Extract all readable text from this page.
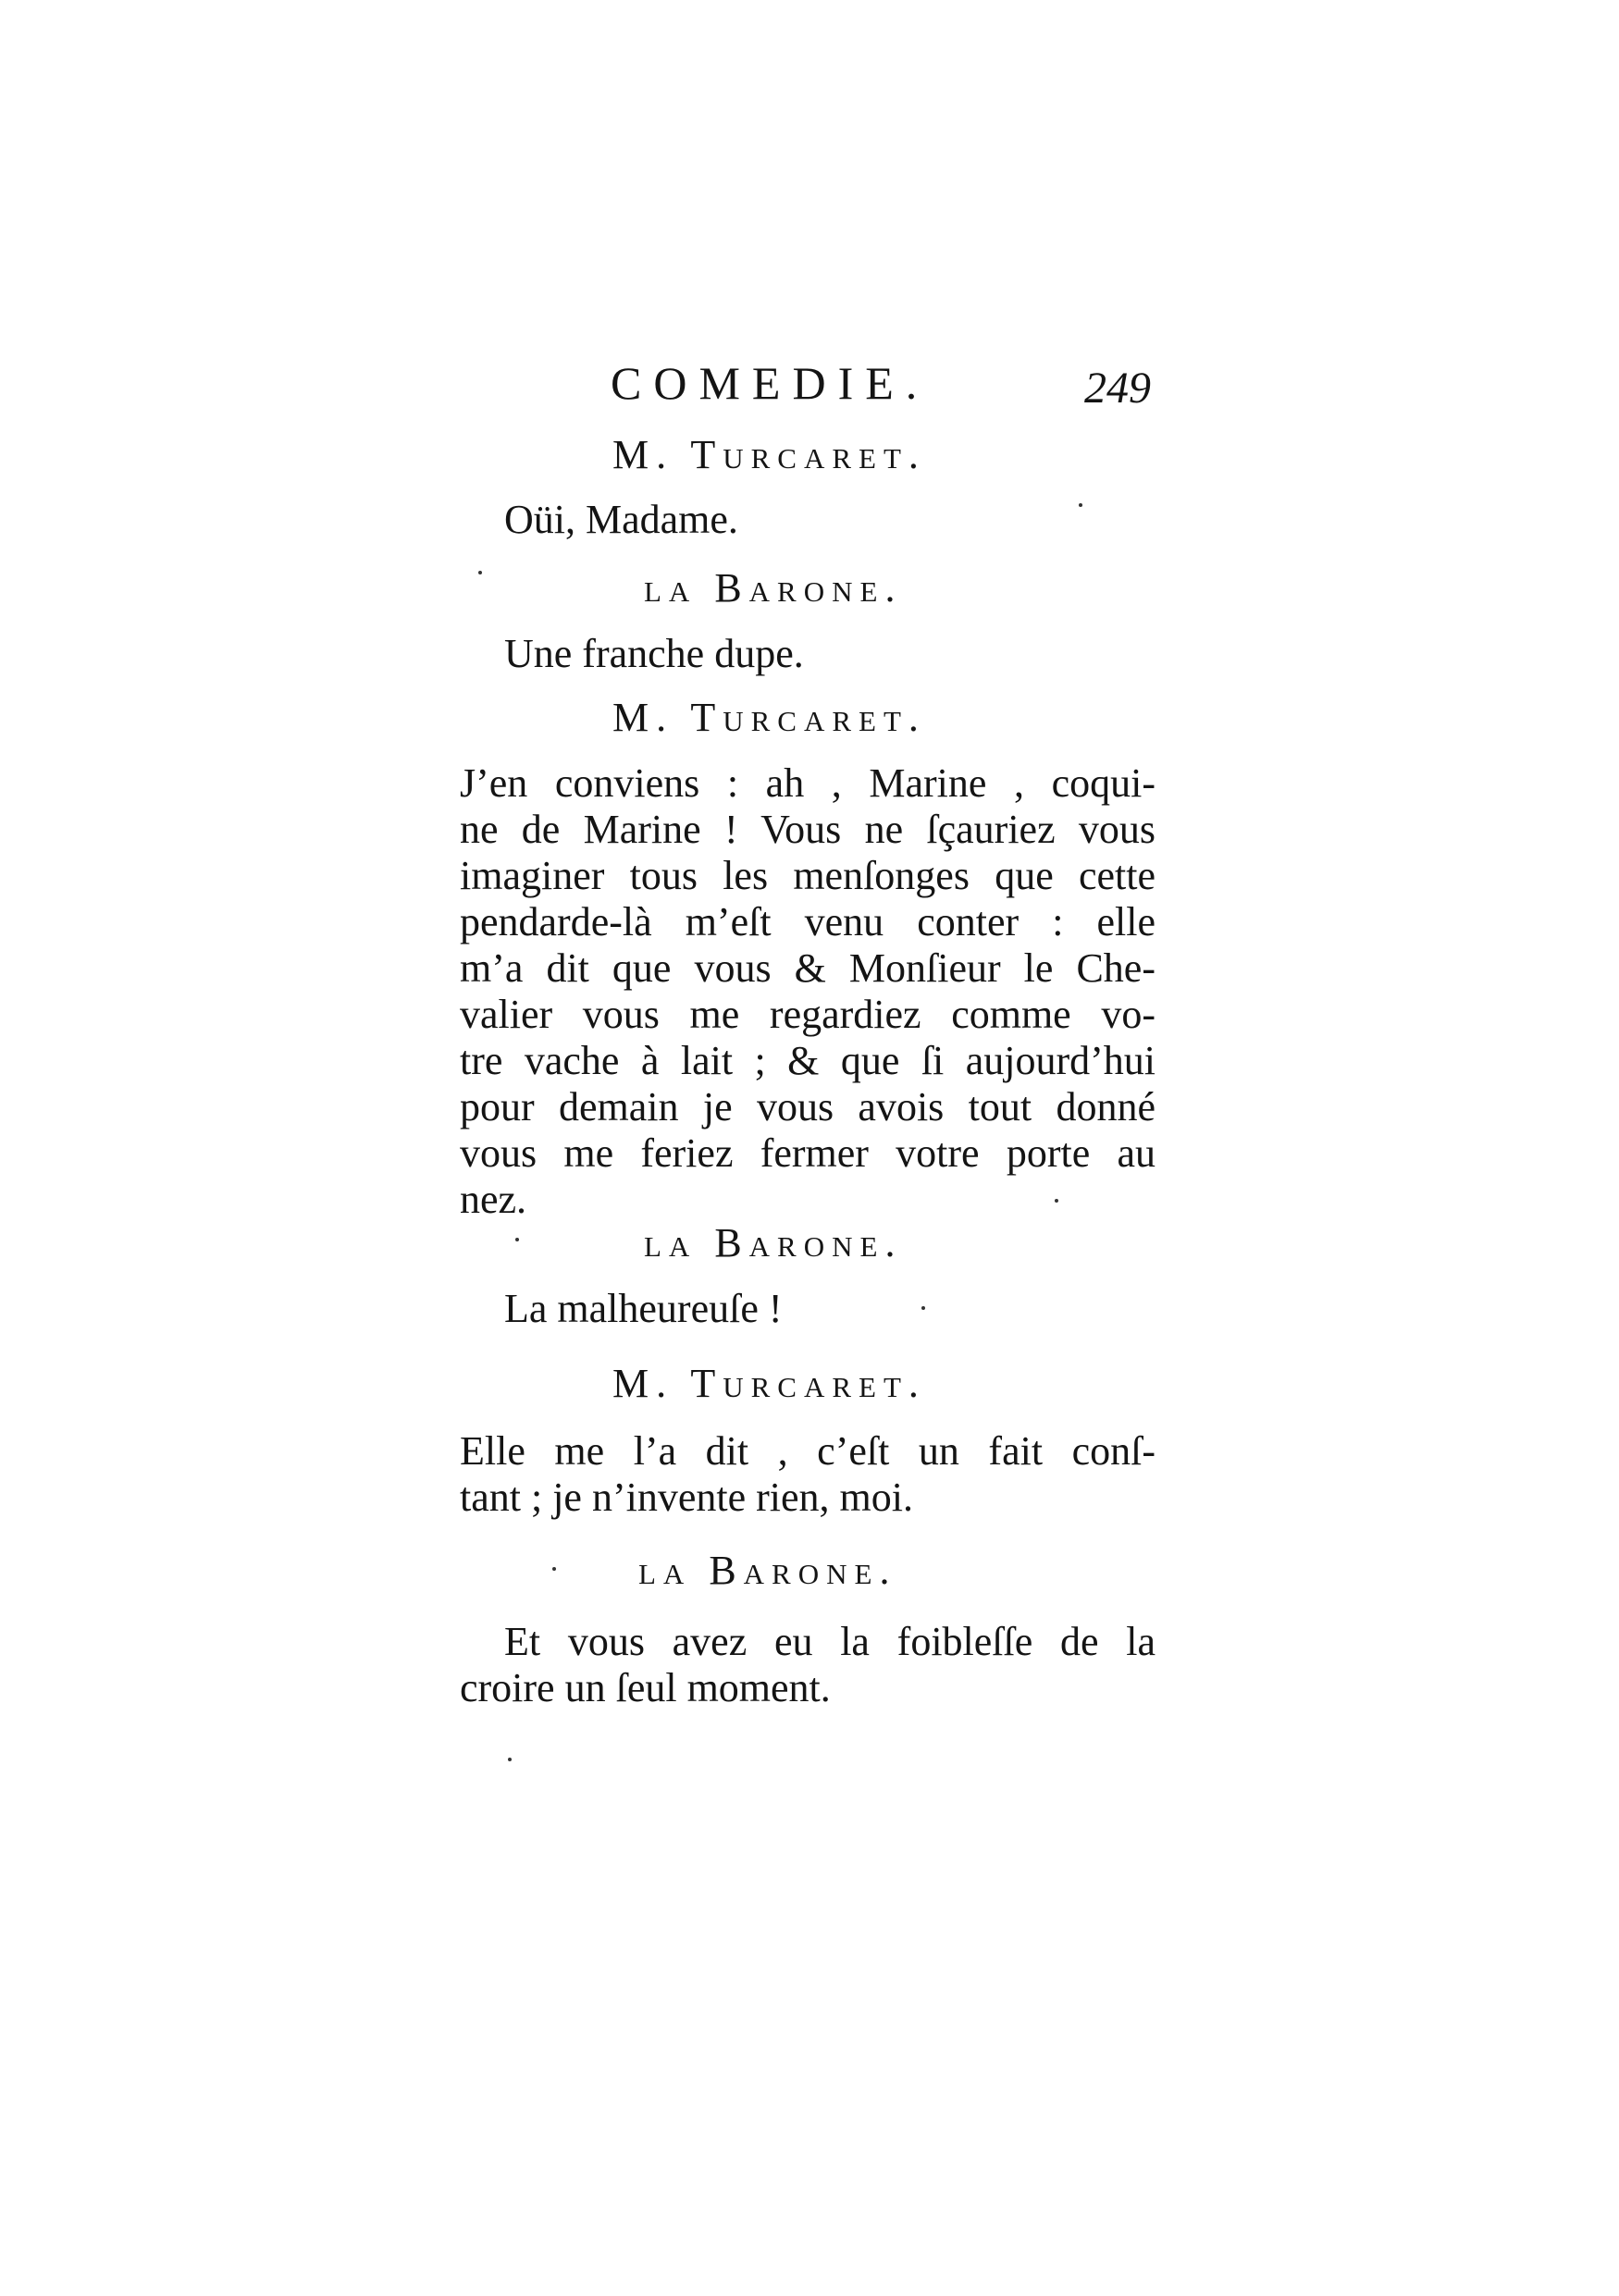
COMEDIE.	249
M. Turcaret.
Oüi, Madame.
la Barone.
Une franche dupe.
M. Turcaret.
J’en conviens : ah , Marine , coqui-
ne de Marine ! Vous ne ſçauriez vous
imaginer tous les menſonges que cette
pendarde-là m’eſt venu conter : elle
m’a dit que vous & Monſieur le Che-
valier vous me regardiez comme vo-
tre vache à lait ; & que ſi aujourd’hui
pour demain je vous avois tout donné
vous me feriez fermer votre porte au
nez.
la Barone.
La malheureuſe !
M. Turcaret.
Elle me l’a dit , c’eſt un fait conſ-
tant ; je n’invente rien, moi.
la Barone.
Et vous avez eu la foibleſſe de la
croire un ſeul moment.
